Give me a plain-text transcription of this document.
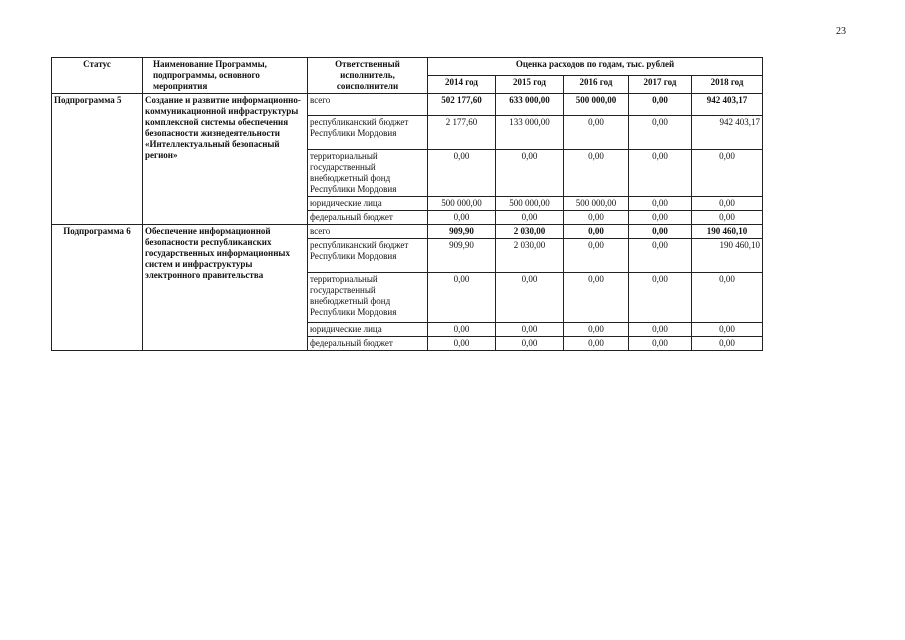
23
Статус	Наименование Программы, подпрограммы, основного мероприятия	Ответственный исполнитель, соисполнители	Оценка расходов по годам, тыс. рублей				
			2014 год	2015 год	2016 год	2017 год	2018 год
Подпрограмма 5	Создание и развитие информационно-коммуникационной инфраструктуры комплексной системы обеспечения безопасности жизнедеятельности «Интеллектуальный безопасный регион»	всего	502 177,60	633 000,00	500 000,00	0,00	942 403,17
		республиканский бюджет Республики Мордовия	2 177,60	133 000,00	0,00	0,00	942 403,17
		территориальный государственный внебюджетный фонд Республики Мордовия	0,00	0,00	0,00	0,00	0,00
		юридические лица	500 000,00	500 000,00	500 000,00	0,00	0,00
		федеральный бюджет	0,00	0,00	0,00	0,00	0,00
Подпрограмма 6	Обеспечение информационной безопасности республиканских государственных информационных систем и инфраструктуры электронного правительства	всего	909,90	2 030,00	0,00	0,00	190 460,10
		республиканский бюджет Республики Мордовия	909,90	2 030,00	0,00	0,00	190 460,10
		территориальный государственный внебюджетный фонд Республики Мордовия	0,00	0,00	0,00	0,00	0,00
		юридические лица	0,00	0,00	0,00	0,00	0,00
		федеральный бюджет	0,00	0,00	0,00	0,00	0,00
